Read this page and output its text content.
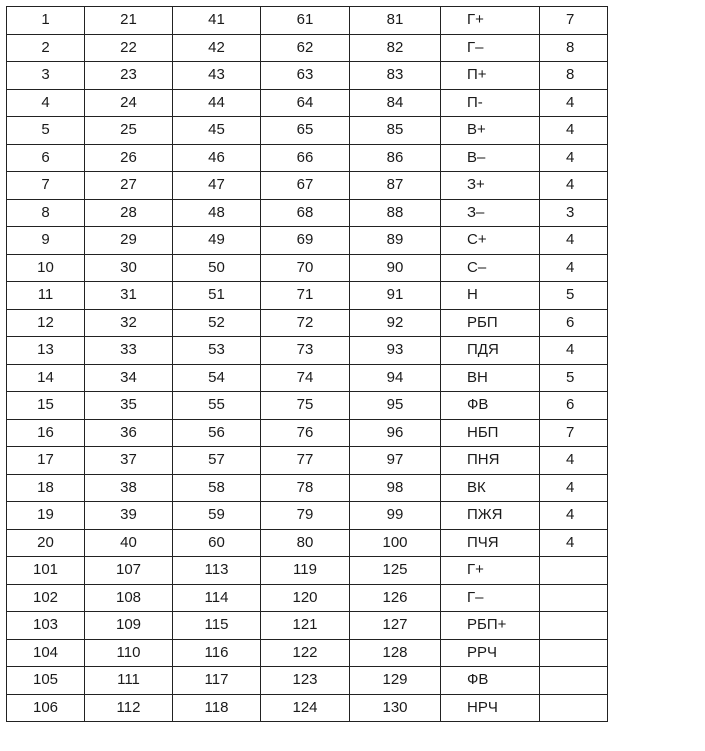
1	21	41	61	81	Г+	7
2	22	42	62	82	Г–	8
3	23	43	63	83	П+	8
4	24	44	64	84	П-	4
5	25	45	65	85	В+	4
6	26	46	66	86	В–	4
7	27	47	67	87	З+	4
8	28	48	68	88	З–	3
9	29	49	69	89	С+	4
10	30	50	70	90	С–	4
11	31	51	71	91	Н	5
12	32	52	72	92	РБП	6
13	33	53	73	93	ПДЯ	4
14	34	54	74	94	ВН	5
15	35	55	75	95	ФВ	6
16	36	56	76	96	НБП	7
17	37	57	77	97	ПНЯ	4
18	38	58	78	98	ВК	4
19	39	59	79	99	ПЖЯ	4
20	40	60	80	100	ПЧЯ	4
101	107	113	119	125	Г+	
102	108	114	120	126	Г–	
103	109	115	121	127	РБП+	
104	110	116	122	128	РРЧ	
105	111	117	123	129	ФВ	
106	112	118	124	130	НРЧ	
